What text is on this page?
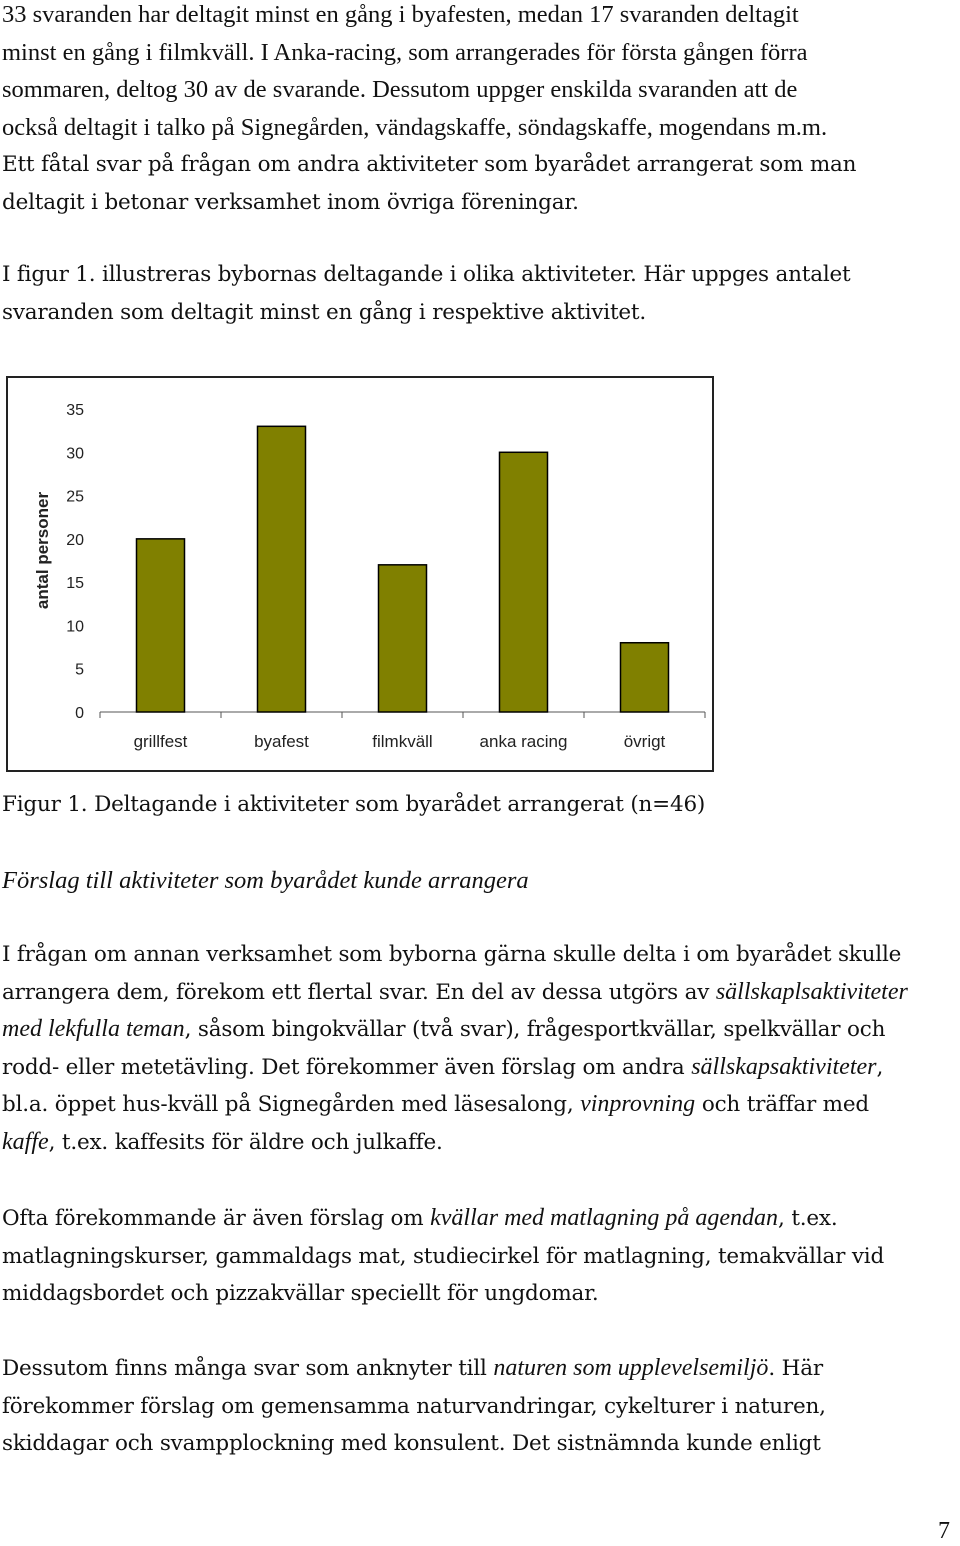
33 svaranden har deltagit minst en gång i byafesten, medan 17 svaranden deltagit
minst en gång i filmkväll. I Anka-racing, som arrangerades för första gången förra
sommaren, deltog 30 av de svarande. Dessutom uppger enskilda svaranden att de
också deltagit i talko på Signegården, vändagskaffe, söndagskaffe, mogendans m.m.
Ett fåtal svar på frågan om andra aktiviteter som byarådet arrangerat som man
deltagit i betonar verksamhet inom övriga föreningar.
I figur 1. illustreras bybornas deltagande i olika aktiviteter. Här uppges antalet
svaranden som deltagit minst en gång i respektive aktivitet.
0
5
10
15
20
25
30
35
antal personer
grillfest	byafest	filmkväll	anka racing	övrigt
Figur 1. Deltagande i aktiviteter som byarådet arrangerat (n=46)
Förslag till aktiviteter som byarådet kunde arrangera
I frågan om annan verksamhet som byborna gärna skulle delta i om byarådet skulle
arrangera dem, förekom ett flertal svar. En del av dessa utgörs av sällskaplsaktiviteter
med lekfulla teman, såsom bingokvällar (två svar), frågesportkvällar, spelkvällar och
rodd- eller metetävling. Det förekommer även förslag om andra sällskapsaktiviteter,
bl.a. öppet hus-kväll på Signegården med läsesalong, vinprovning och träffar med
kaffe, t.ex. kaffesits för äldre och julkaffe.
Ofta förekommande är även förslag om kvällar med matlagning på agendan, t.ex.
matlagningskurser, gammaldags mat, studiecirkel för matlagning, temakvällar vid
middagsbordet och pizzakvällar speciellt för ungdomar.
Dessutom finns många svar som anknyter till naturen som upplevelsemiljö. Här
förekommer förslag om gemensamma naturvandringar, cykelturer i naturen,
skiddagar och svampplockning med konsulent. Det sistnämnda kunde enligt
7
